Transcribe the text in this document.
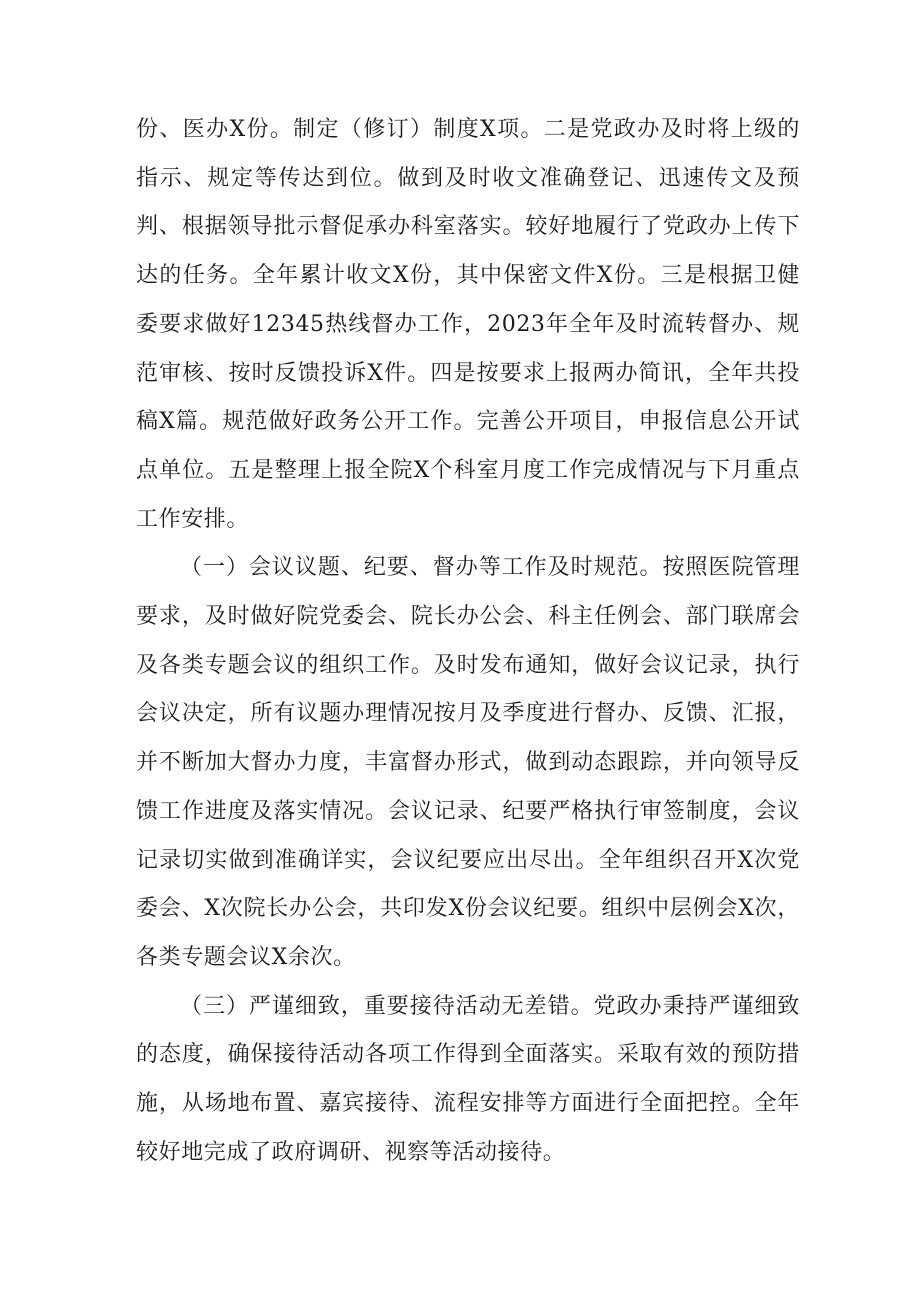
份、医办X份。制定（修订）制度X项。二是党政办及时将上级的指示、规定等传达到位。做到及时收文准确登记、迅速传文及预判、根据领导批示督促承办科室落实。较好地履行了党政办上传下达的任务。全年累计收文X份，其中保密文件X份。三是根据卫健委要求做好12345热线督办工作，2023年全年及时流转督办、规范审核、按时反馈投诉X件。四是按要求上报两办简讯，全年共投稿X篇。规范做好政务公开工作。完善公开项目，申报信息公开试点单位。五是整理上报全院X个科室月度工作完成情况与下月重点工作安排。

（一）会议议题、纪要、督办等工作及时规范。按照医院管理要求，及时做好院党委会、院长办公会、科主任例会、部门联席会及各类专题会议的组织工作。及时发布通知，做好会议记录，执行会议决定，所有议题办理情况按月及季度进行督办、反馈、汇报，并不断加大督办力度，丰富督办形式，做到动态跟踪，并向领导反馈工作进度及落实情况。会议记录、纪要严格执行审签制度，会议记录切实做到准确详实，会议纪要应出尽出。全年组织召开X次党委会、X次院长办公会，共印发X份会议纪要。组织中层例会X次，各类专题会议X余次。

（三）严谨细致，重要接待活动无差错。党政办秉持严谨细致的态度，确保接待活动各项工作得到全面落实。采取有效的预防措施，从场地布置、嘉宾接待、流程安排等方面进行全面把控。全年较好地完成了政府调研、视察等活动接待。
